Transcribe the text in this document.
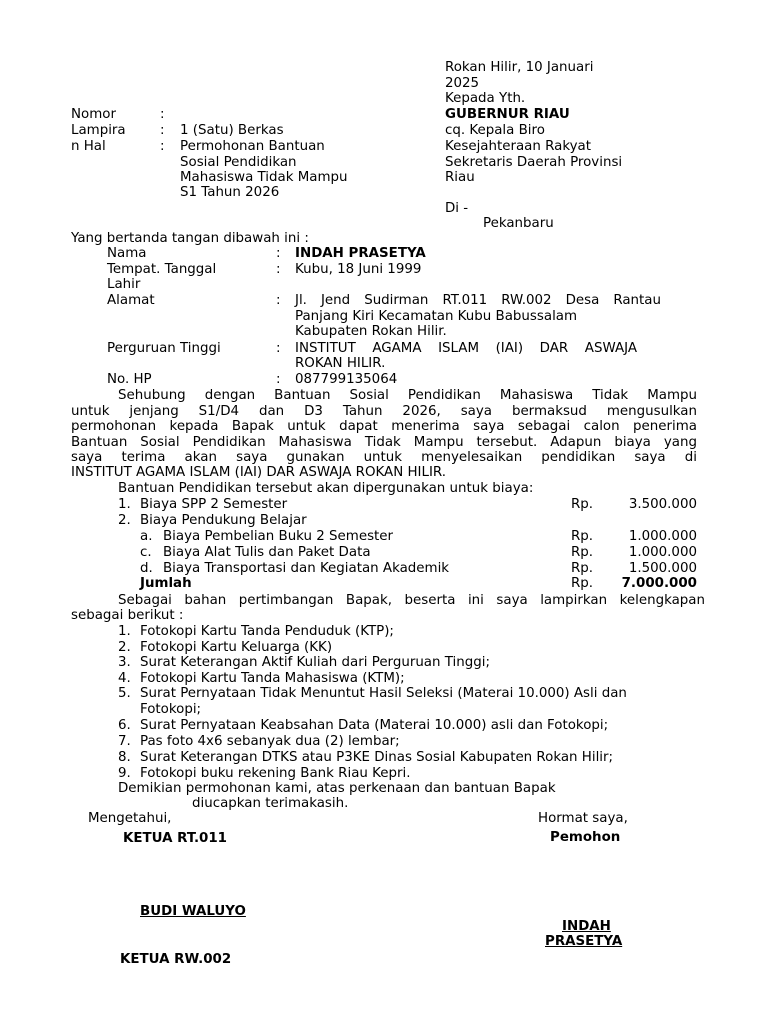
Rokan Hilir, 10 Januari
2025
Kepada Yth.
GUBERNUR RIAU
cq. Kepala Biro
Kesejahteraan Rakyat
Sekretaris Daerah Provinsi
Riau
Di -
Pekanbaru
Nomor	:
Lampira	: 1 (Satu) Berkas
n Hal	: Permohonan Bantuan
Sosial Pendidikan
Mahasiswa Tidak Mampu
S1 Tahun 2026
Yang bertanda tangan dibawah ini :
Nama	: INDAH PRASETYA
Tempat. Tanggal
Lahir
: Kubu, 18 Juni 1999
Alamat	: Jl. Jend Sudirman RT.011 RW.002 Desa Rantau
Panjang Kiri Kecamatan Kubu Babussalam
Kabupaten Rokan Hilir.
Perguruan Tinggi	: INSTITUT AGAMA ISLAM (IAI) DAR ASWAJA
ROKAN HILIR.
No. HP	: 087799135064
Sehubung dengan Bantuan Sosial Pendidikan Mahasiswa Tidak Mampu
untuk jenjang S1/D4 dan D3 Tahun 2026, saya bermaksud mengusulkan
permohonan kepada Bapak untuk dapat menerima saya sebagai calon penerima
Bantuan Sosial Pendidikan Mahasiswa Tidak Mampu tersebut. Adapun biaya yang
saya terima akan saya gunakan untuk menyelesaikan pendidikan saya di
INSTITUT AGAMA ISLAM (IAI) DAR ASWAJA ROKAN HILIR.
Bantuan Pendidikan tersebut akan dipergunakan untuk biaya:
1. Biaya SPP 2 Semester	Rp.	3.500.000
2. Biaya Pendukung Belajar
a. Biaya Pembelian Buku 2 Semester	Rp.	1.000.000
c. Biaya Alat Tulis dan Paket Data	Rp.	1.000.000
d. Biaya Transportasi dan Kegiatan Akademik	Rp.	1.500.000
Jumlah	Rp.	7.000.000
Sebagai bahan pertimbangan Bapak, beserta ini saya lampirkan kelengkapan
sebagai berikut :
1. Fotokopi Kartu Tanda Penduduk (KTP);
2. Fotokopi Kartu Keluarga (KK)
3. Surat Keterangan Aktif Kuliah dari Perguruan Tinggi;
4. Fotokopi Kartu Tanda Mahasiswa (KTM);
5. Surat Pernyataan Tidak Menuntut Hasil Seleksi (Materai 10.000) Asli dan
Fotokopi;
6. Surat Pernyataan Keabsahan Data (Materai 10.000) asli dan Fotokopi;
7. Pas foto 4x6 sebanyak dua (2) lembar;
8. Surat Keterangan DTKS atau P3KE Dinas Sosial Kabupaten Rokan Hilir;
9. Fotokopi buku rekening Bank Riau Kepri.
Demikian permohonan kami, atas perkenaan dan bantuan Bapak
diucapkan terimakasih.
Mengetahui,	Hormat saya,
KETUA RT.011	Pemohon
BUDI WALUYO
INDAH
PRASETYA
KETUA RW.002
